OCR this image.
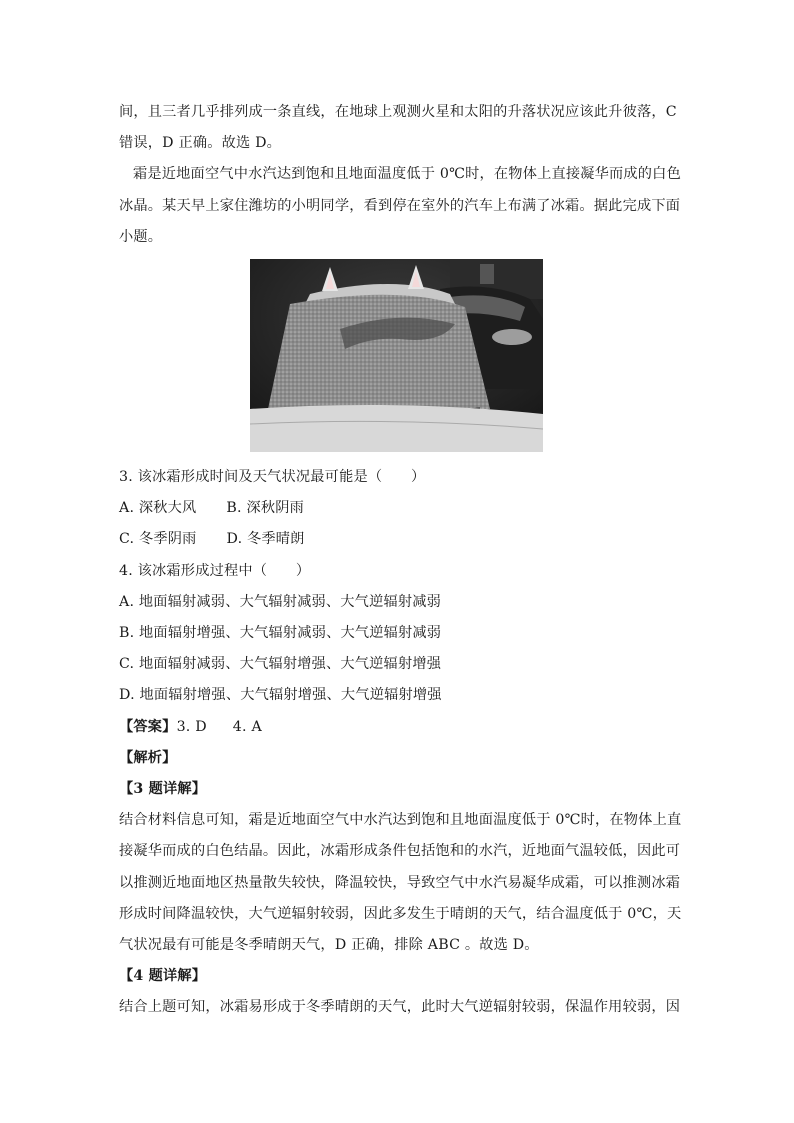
间，且三者几乎排列成一条直线，在地球上观测火星和太阳的升落状况应该此升彼落，C
错误，D 正确。故选 D。
霜是近地面空气中水汽达到饱和且地面温度低于 0℃时，在物体上直接凝华而成的白色
冰晶。某天早上家住潍坊的小明同学，看到停在室外的汽车上布满了冰霜。据此完成下面
小题。
3. 该冰霜形成时间及天气状况最可能是（　　）
A. 深秋大风 B. 深秋阴雨
C. 冬季阴雨 D. 冬季晴朗
4. 该冰霜形成过程中（　　）
A. 地面辐射减弱、大气辐射减弱、大气逆辐射减弱
B. 地面辐射增强、大气辐射减弱、大气逆辐射减弱
C. 地面辐射减弱、大气辐射增强、大气逆辐射增强
D. 地面辐射增强、大气辐射增强、大气逆辐射增强
【答案】3. D 4. A
【解析】
【3 题详解】
结合材料信息可知，霜是近地面空气中水汽达到饱和且地面温度低于 0℃时，在物体上直
接凝华而成的白色结晶。因此，冰霜形成条件包括饱和的水汽，近地面气温较低，因此可
以推测近地面地区热量散失较快，降温较快，导致空气中水汽易凝华成霜，可以推测冰霜
形成时间降温较快，大气逆辐射较弱，因此多发生于晴朗的天气，结合温度低于 0℃，天
气状况最有可能是冬季晴朗天气，D 正确，排除 ABC 。故选 D。
【4 题详解】
结合上题可知，冰霜易形成于冬季晴朗的天气，此时大气逆辐射较弱，保温作用较弱，因
